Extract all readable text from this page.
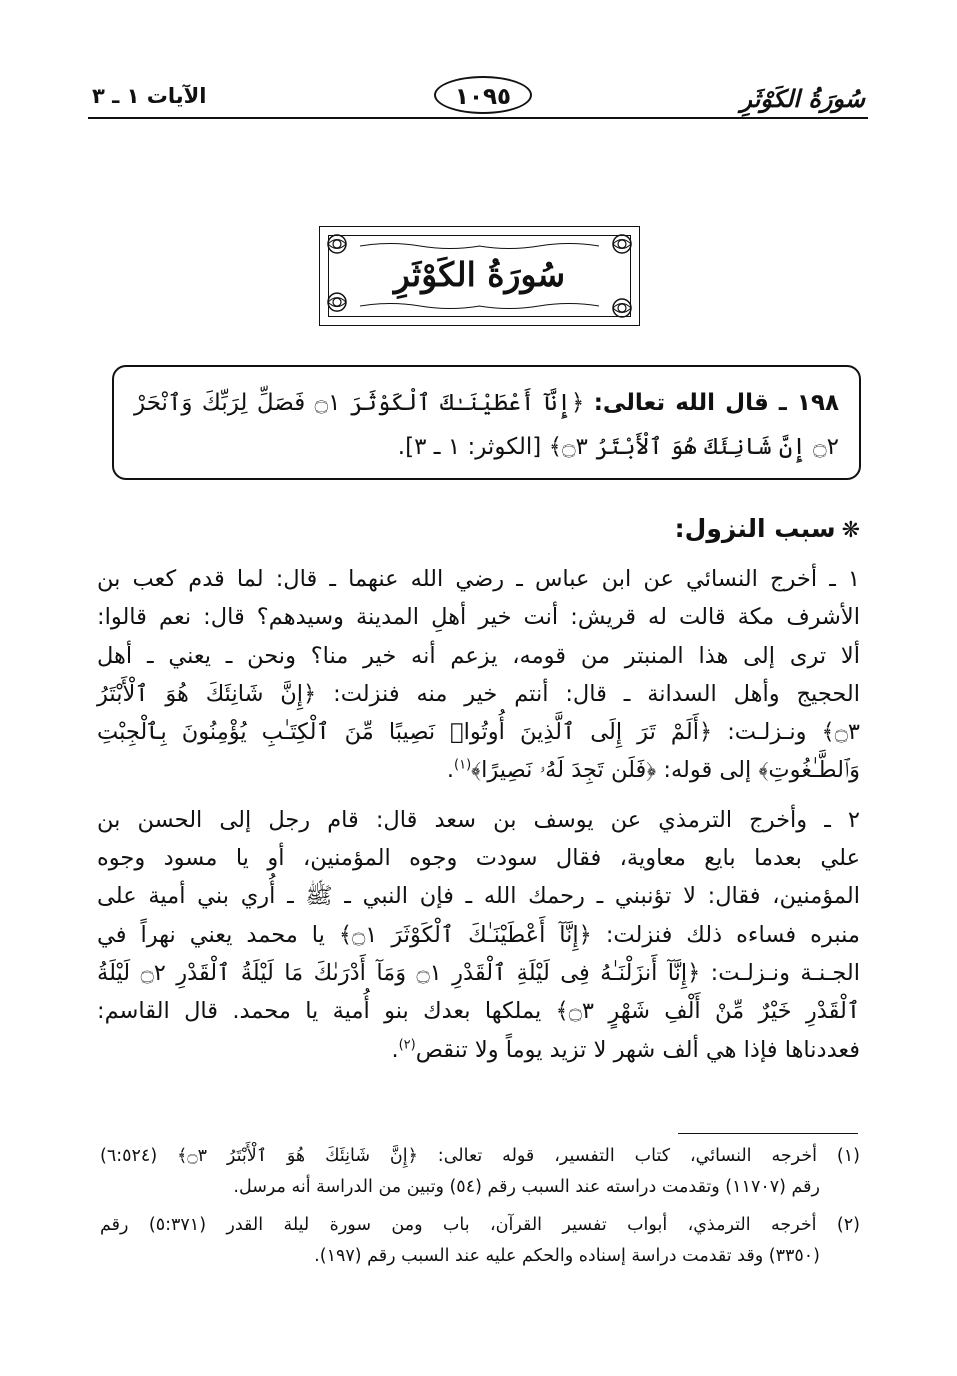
الآيات ١ ـ ٣	١٠٩٥	سُورَةُ الكَوْثَرِ
سُورَةُ الكَوْثَرِ
١٩٨ ـ قال الله تعالى: ﴿إِنَّآ أَعْطَيْنَـٰكَ ٱلْكَوْثَرَ ۝١ فَصَلِّ لِرَبِّكَ وَٱنْحَرْ
۝٢ إِنَّ شَانِئَكَ هُوَ ٱلْأَبْتَرُ ۝٣﴾ [الكوثر: ١ ـ ٣].
❋سبب النزول:
١ ـ أخرج النسائي عن ابن عباس ـ رضي الله عنهما ـ قال: لما قدم كعب بن
الأشرف مكة قالت له قريش: أنت خير أهلِ المدينة وسيدهم؟ قال: نعم قالوا:
ألا ترى إلى هذا المنبتر من قومه، يزعم أنه خير منا؟ ونحن ـ يعني ـ أهل
الحجيج وأهل السدانة ـ قال: أنتم خير منه فنزلت: ﴿إِنَّ شَانِئَكَ هُوَ ٱلْأَبْتَرُ
۝٣﴾ ونـزلـت: ﴿أَلَمْ تَرَ إِلَى ٱلَّذِينَ أُوتُوا۟ نَصِيبًا مِّنَ ٱلْكِتَـٰبِ يُؤْمِنُونَ بِٱلْجِبْتِ
وَٱلطَّـٰغُوتِ﴾ إلى قوله: ﴿فَلَن تَجِدَ لَهُۥ نَصِيرًا﴾$^{(١)}$.
٢ ـ وأخرج الترمذي عن يوسف بن سعد قال: قام رجل إلى الحسن بن
علي بعدما بايع معاوية، فقال سودت وجوه المؤمنين، أو يا مسود وجوه
المؤمنين، فقال: لا تؤنبني ـ رحمك الله ـ فإن النبي ـ ﷺ ـ أُري بني أمية على
منبره فساءه ذلك فنزلت: ﴿إِنَّآ أَعْطَيْنَـٰكَ ٱلْكَوْثَرَ ۝١﴾ يا محمد يعني نهراً في
الجـنـة ونـزلـت: ﴿إِنَّآ أَنزَلْنَـٰهُ فِى لَيْلَةِ ٱلْقَدْرِ ۝١ وَمَآ أَدْرَىٰكَ مَا لَيْلَةُ ٱلْقَدْرِ ۝٢ لَيْلَةُ
ٱلْقَدْرِ خَيْرٌ مِّنْ أَلْفِ شَهْرٍ ۝٣﴾ يملكها بعدك بنو أُمية يا محمد. قال القاسم:
فعددناها فإذا هي ألف شهر لا تزيد يوماً ولا تنقص$^{(٢)}$.
(١) أخرجه النسائي، كتاب التفسير، قوله تعالى: ﴿إِنَّ شَانِئَكَ هُوَ ٱلْأَبْتَرُ ۝٣﴾ (٦:٥٢٤)
رقم (١١٧٠٧) وتقدمت دراسته عند السبب رقم (٥٤) وتبين من الدراسة أنه مرسل.
(٢) أخرجه الترمذي، أبواب تفسير القرآن، باب ومن سورة ليلة القدر (٥:٣٧١) رقم
(٣٣٥٠) وقد تقدمت دراسة إسناده والحكم عليه عند السبب رقم (١٩٧).
